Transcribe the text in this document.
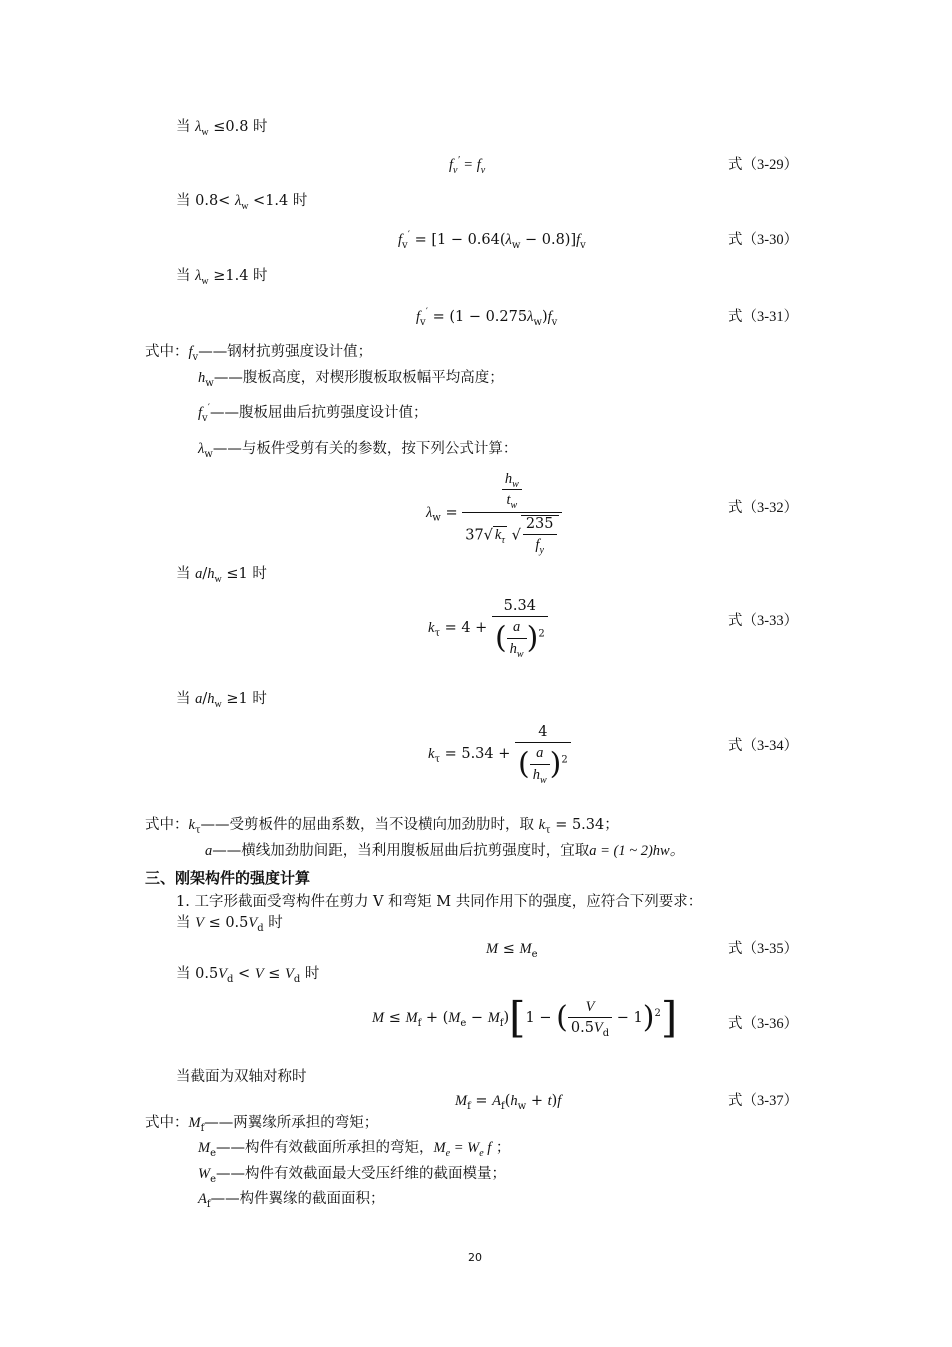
当 $\lambda_w \le 0.8$ 时
$f_v' = f_v$	式（3-29）
当 $0.8< \lambda_w <1.4$ 时
$f_v' = [1 - 0.64(\lambda_w - 0.8)]f_v$	式（3-30）
当 $\lambda_w \ge 1.4$ 时
$f_v' = (1 - 0.275\lambda_w)f_v$	式（3-31）
式中：$f_v——$钢材抗剪强度设计值；
$h_w——$腹板高度，对楔形腹板取板幅平均高度；
$f_v'——$腹板屈曲后抗剪强度设计值；
$\lambda_w——$与板件受剪有关的参数，按下列公式计算：
$\lambda_w = \frac{\frac{h_w}{t_w}}{37√ k_\tau √ \frac{235}{f_y}}$	式（3-32）
当 $a/h_w \le 1$ 时
$k_\tau = 4 + \frac{5.34}{( \frac{a}{h_w} )^2}$	式（3-33）
当 $a/h_w \ge 1$ 时
$k_\tau = 5.34 + \frac{4}{( \frac{a}{h_w} )^2}$	式（3-34）
式中：$k_\tau——$受剪板件的屈曲系数，当不设横向加劲肋时，取 $k_\tau = 5.34$；
a——横线加劲肋间距，当利用腹板屈曲后抗剪强度时，宜取a = (1 ~ 2)hw。
三、刚架构件的强度计算
1. 工字形截面受弯构件在剪力 V 和弯矩 M 共同作用下的强度，应符合下列要求：
当 $V \le 0.5V_d$ 时
$M \le M_e$	式（3-35）
当 $0.5V_d < V \le V_d$ 时
$M \le M_f + (M_e - M_f)[1$ − ( $\frac{V}{0.5V_d} - 1)^2$]	式（3-36）
当截面为双轴对称时
$M_f = A_f(h_w + t)f$	式（3-37）
式中：$M_f——$两翼缘所承担的弯矩；
$M_e——$构件有效截面所承担的弯矩，$M_e = W_e$ f ；
$W_e——$构件有效截面最大受压纤维的截面模量；
$A_f——$构件翼缘的截面面积；
20
